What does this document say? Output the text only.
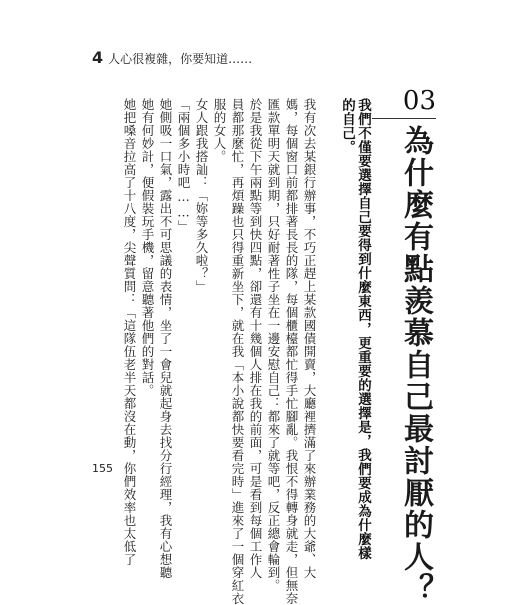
4 人心很複雜，你要知道……
03
為什麼有點羨慕自己最討厭的人？
我們不僅要選擇自己要得到什麼東西，更重要的選擇是，我們要成為什麼樣
的自己。
我有次去某銀行辦事，不巧正趕上某款國債開賣，大廳裡擠滿了來辦業務的大爺、大
媽，每個窗口前都排著長長的隊，每個櫃檯都忙得手忙腳亂。我恨不得轉身就走，但無奈
匯款單明天就到期，只好耐著性子坐在一邊安慰自己：都來了就等吧，反正總會輪到。
於是我從下午兩點等到快四點，卻還有十幾個人排在我的前面，可是看到每個工作人
員都那麼忙，再煩躁也只得重新坐下，就在我「本小說都快要看完時」進來了一個穿紅衣
服的女人。
女人跟我搭訕：「妳等多久啦？」
「兩個多小時吧……」
她側吸一口氣，露出不可思議的表情，坐了一會兒就起身去找分行經理，我有心想聽
她有何妙計，便假裝玩手機，留意聽著他們的對話。
她把嗓音拉高了十八度，尖聲質問：「這隊伍老半天都沒在動，你們效率也太低了
155
